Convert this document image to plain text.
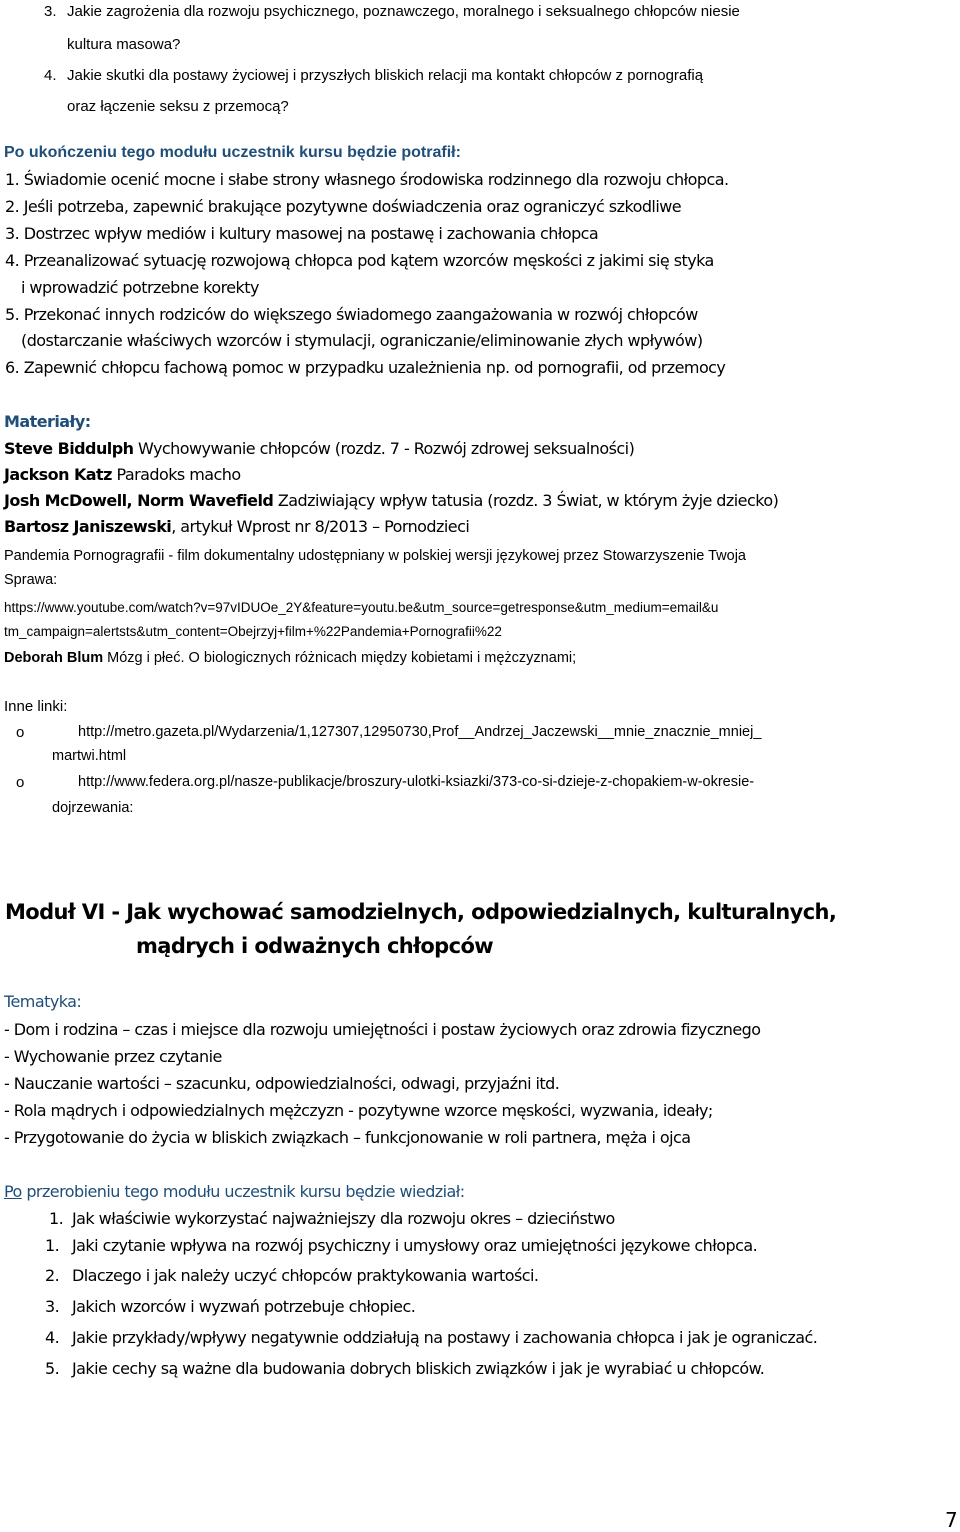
3. Jakie zagrożenia dla rozwoju psychicznego, poznawczego, moralnego i seksualnego chłopców niesie
kultura masowa?
4. Jakie skutki dla postawy życiowej i przyszłych bliskich relacji ma kontakt chłopców z pornografią
oraz łączenie seksu z przemocą?
Po ukończeniu tego modułu uczestnik kursu będzie potrafił:
1. Świadomie ocenić mocne i słabe strony własnego środowiska rodzinnego dla rozwoju chłopca.
2. Jeśli potrzeba, zapewnić brakujące pozytywne doświadczenia oraz ograniczyć szkodliwe
3. Dostrzec wpływ mediów i kultury masowej na postawę i zachowania chłopca
4. Przeanalizować sytuację rozwojową chłopca pod kątem wzorców męskości z jakimi się styka
i wprowadzić potrzebne korekty
5. Przekonać innych rodziców do większego świadomego zaangażowania w rozwój chłopców
(dostarczanie właściwych wzorców i stymulacji, ograniczanie/eliminowanie złych wpływów)
6. Zapewnić chłopcu fachową pomoc w przypadku uzależnienia np. od pornografii, od przemocy
Materiały:
Steve Biddulph Wychowywanie chłopców (rozdz. 7 - Rozwój zdrowej seksualności)
Jackson Katz Paradoks macho
Josh McDowell, Norm Wavefield Zadziwiający wpływ tatusia (rozdz. 3 Świat, w którym żyje dziecko)
Bartosz Janiszewski, artykuł Wprost nr 8/2013 – Pornodzieci
Pandemia Pornogragrafii - film dokumentalny udostępniany w polskiej wersji językowej przez Stowarzyszenie Twoja
Sprawa:
https://www.youtube.com/watch?v=97vIDUOe_2Y&feature=youtu.be&utm_source=getresponse&utm_medium=email&u
tm_campaign=alertsts&utm_content=Obejrzyj+film+%22Pandemia+Pornografii%22
Deborah Blum Mózg i płeć. O biologicznych różnicach między kobietami i mężczyznami;
Inne linki:
o	http://metro.gazeta.pl/Wydarzenia/1,127307,12950730,Prof__Andrzej_Jaczewski__mnie_znacznie_mniej_
martwi.html
o	http://www.federa.org.pl/nasze-publikacje/broszury-ulotki-ksiazki/373-co-si-dzieje-z-chopakiem-w-okresie-
dojrzewania:
Moduł VI - Jak wychować samodzielnych, odpowiedzialnych, kulturalnych,
mądrych i odważnych chłopców
Tematyka:
- Dom i rodzina – czas i miejsce dla rozwoju umiejętności i postaw życiowych oraz zdrowia fizycznego
- Wychowanie przez czytanie
- Nauczanie wartości – szacunku, odpowiedzialności, odwagi, przyjaźni itd.
- Rola mądrych i odpowiedzialnych mężczyzn - pozytywne wzorce męskości, wyzwania, ideały;
- Przygotowanie do życia w bliskich związkach – funkcjonowanie w roli partnera, męża i ojca
Po przerobieniu tego modułu uczestnik kursu będzie wiedział:
1. Jak właściwie wykorzystać najważniejszy dla rozwoju okres – dzieciństwo
1. Jaki czytanie wpływa na rozwój psychiczny i umysłowy oraz umiejętności językowe chłopca.
2. Dlaczego i jak należy uczyć chłopców praktykowania wartości.
3. Jakich wzorców i wyzwań potrzebuje chłopiec.
4. Jakie przykłady/wpływy negatywnie oddziałują na postawy i zachowania chłopca i jak je ograniczać.
5. Jakie cechy są ważne dla budowania dobrych bliskich związków i jak je wyrabiać u chłopców.
7
